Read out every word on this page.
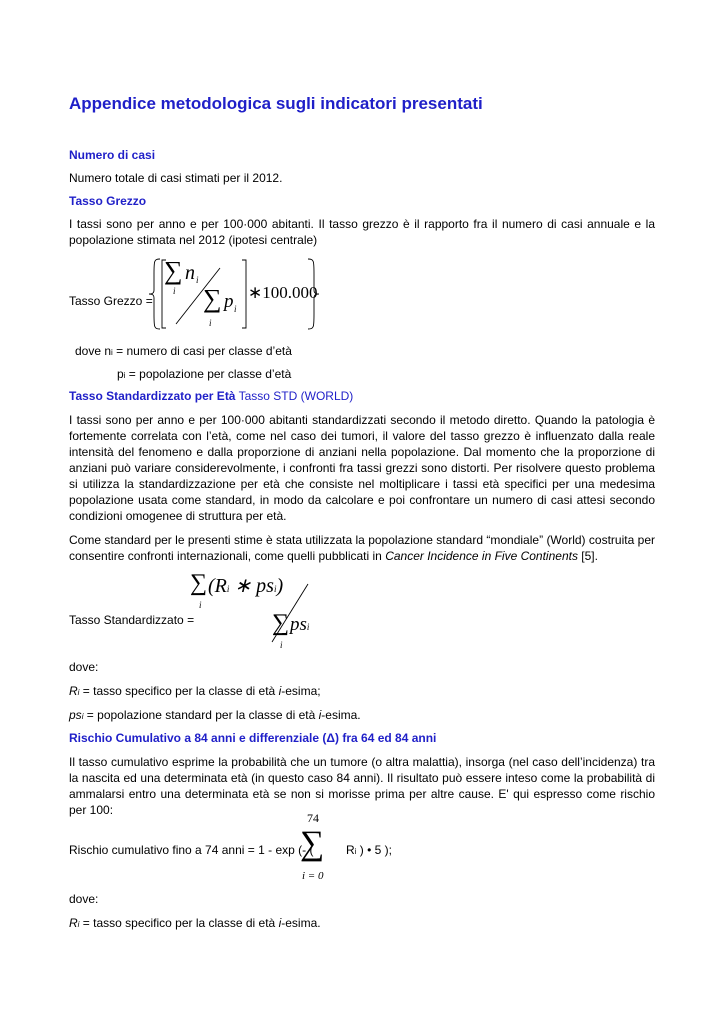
Appendice metodologica sugli indicatori presentati
Numero di casi
Numero totale di casi stimati per il 2012.
Tasso Grezzo
I tassi sono per anno e per 100·000 abitanti. Il tasso grezzo è il rapporto fra il numero di casi annuale e la popolazione stimata nel 2012 (ipotesi centrale)
Tasso Grezzo =
∑ n i
i ∑ p i
i
∗100.000
dove ni = numero di casi per classe d’età
pi = popolazione per classe d’età
Tasso Standardizzato per Età Tasso STD (WORLD)
I tassi sono per anno e per 100·000 abitanti standardizzati secondo il metodo diretto. Quando la patologia è fortemente correlata con l’età, come nel caso dei tumori, il valore del tasso grezzo è influenzato dalla reale intensità del fenomeno e dalla proporzione di anziani nella popolazione. Dal momento che la proporzione di anziani può variare considerevolmente, i confronti fra tassi grezzi sono distorti. Per risolvere questo problema si utilizza la standardizzazione per età che consiste nel moltiplicare i tassi età specifici per una medesima popolazione usata come standard, in modo da calcolare e poi confrontare un numero di casi attesi secondo condizioni omogenee di struttura per età.
Come standard per le presenti stime è stata utilizzata la popolazione standard “mondiale” (World) costruita per consentire confronti internazionali, come quelli pubblicati in Cancer Incidence in Five Continents [5].
Tasso Standardizzato =
∑
i
(Ri ∗ psi)
∑
i
psi
dove:
Ri = tasso specifico per la classe di età i-esima;
psi = popolazione standard per la classe di età i-esima.
Rischio Cumulativo a 84 anni e differenziale (Δ) fra 64 ed 84 anni
Il tasso cumulativo esprime la probabilità che un tumore (o altra malattia), insorga (nel caso dell’incidenza) tra la nascita ed una determinata età (in questo caso 84 anni). Il risultato può essere inteso come la probabilità di ammalarsi entro una determinata età se non si morisse prima per altre cause. E' qui espresso come rischio per 100:
74
∑
i = 0
Rischio cumulativo fino a 74 anni = 1 - exp (- (	Ri ) • 5 );
dove:
Ri = tasso specifico per la classe di età i-esima.
